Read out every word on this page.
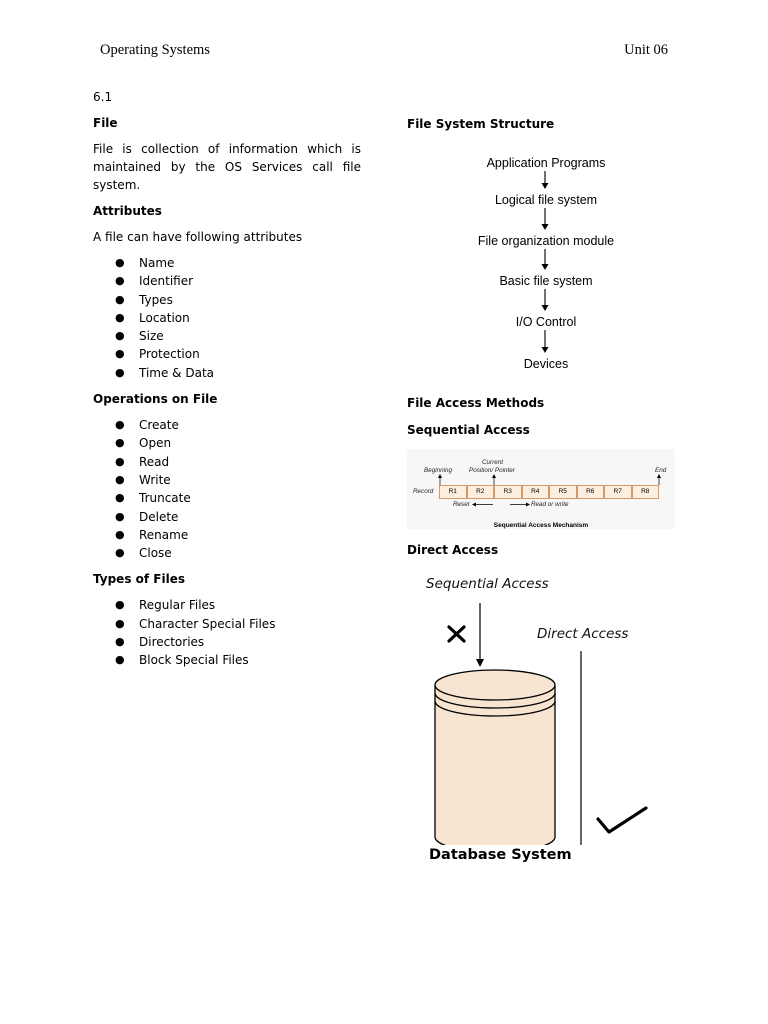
Operating Systems	Unit 06
6.1
File
File is collection of information which is maintained by the OS Services call file system.
Attributes
A file can have following attributes
● Name
● Identifier
● Types
● Location
● Size
● Protection
● Time & Data
Operations on File
● Create
● Open
● Read
● Write
● Truncate
● Delete
● Rename
● Close
Types of Files
● Regular Files
● Character Special Files
● Directories
● Block Special Files
File System Structure
Application Programs
Logical file system
File organization module
Basic file system
I/O Control
Devices
File Access Methods
Sequential Access
Beginning
Current
Position/ Pointer	End
Record	R1	R2	R3	R4	R5	R6	R7	R8
Reset	Read or write
Sequential Access Mechanism
Direct Access
Sequential Access
Direct Access
Database System
